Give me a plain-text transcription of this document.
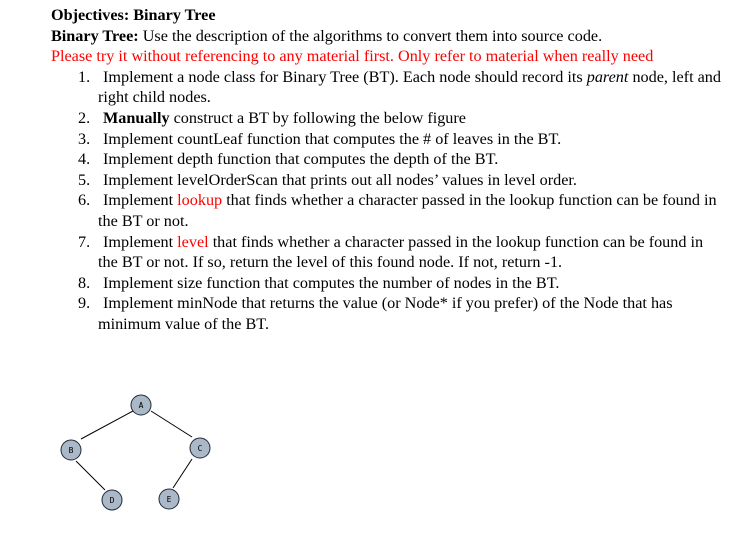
Objectives: Binary Tree
Binary Tree: Use the description of the algorithms to convert them into source code.
Please try it without referencing to any material first. Only refer to material when really need
1. Implement a node class for Binary Tree (BT). Each node should record its parent node, left and right child nodes.
2. Manually construct a BT by following the below figure
3. Implement countLeaf function that computes the # of leaves in the BT.
4. Implement depth function that computes the depth of the BT.
5. Implement levelOrderScan that prints out all nodes’ values in level order.
6. Implement lookup that finds whether a character passed in the lookup function can be found in the BT or not.
7. Implement level that finds whether a character passed in the lookup function can be found in the BT or not. If so, return the level of this found node. If not, return -1.
8. Implement size function that computes the number of nodes in the BT.
9. Implement minNode that returns the value (or Node* if you prefer) of the Node that has minimum value of the BT.
A
B	C
D	E
